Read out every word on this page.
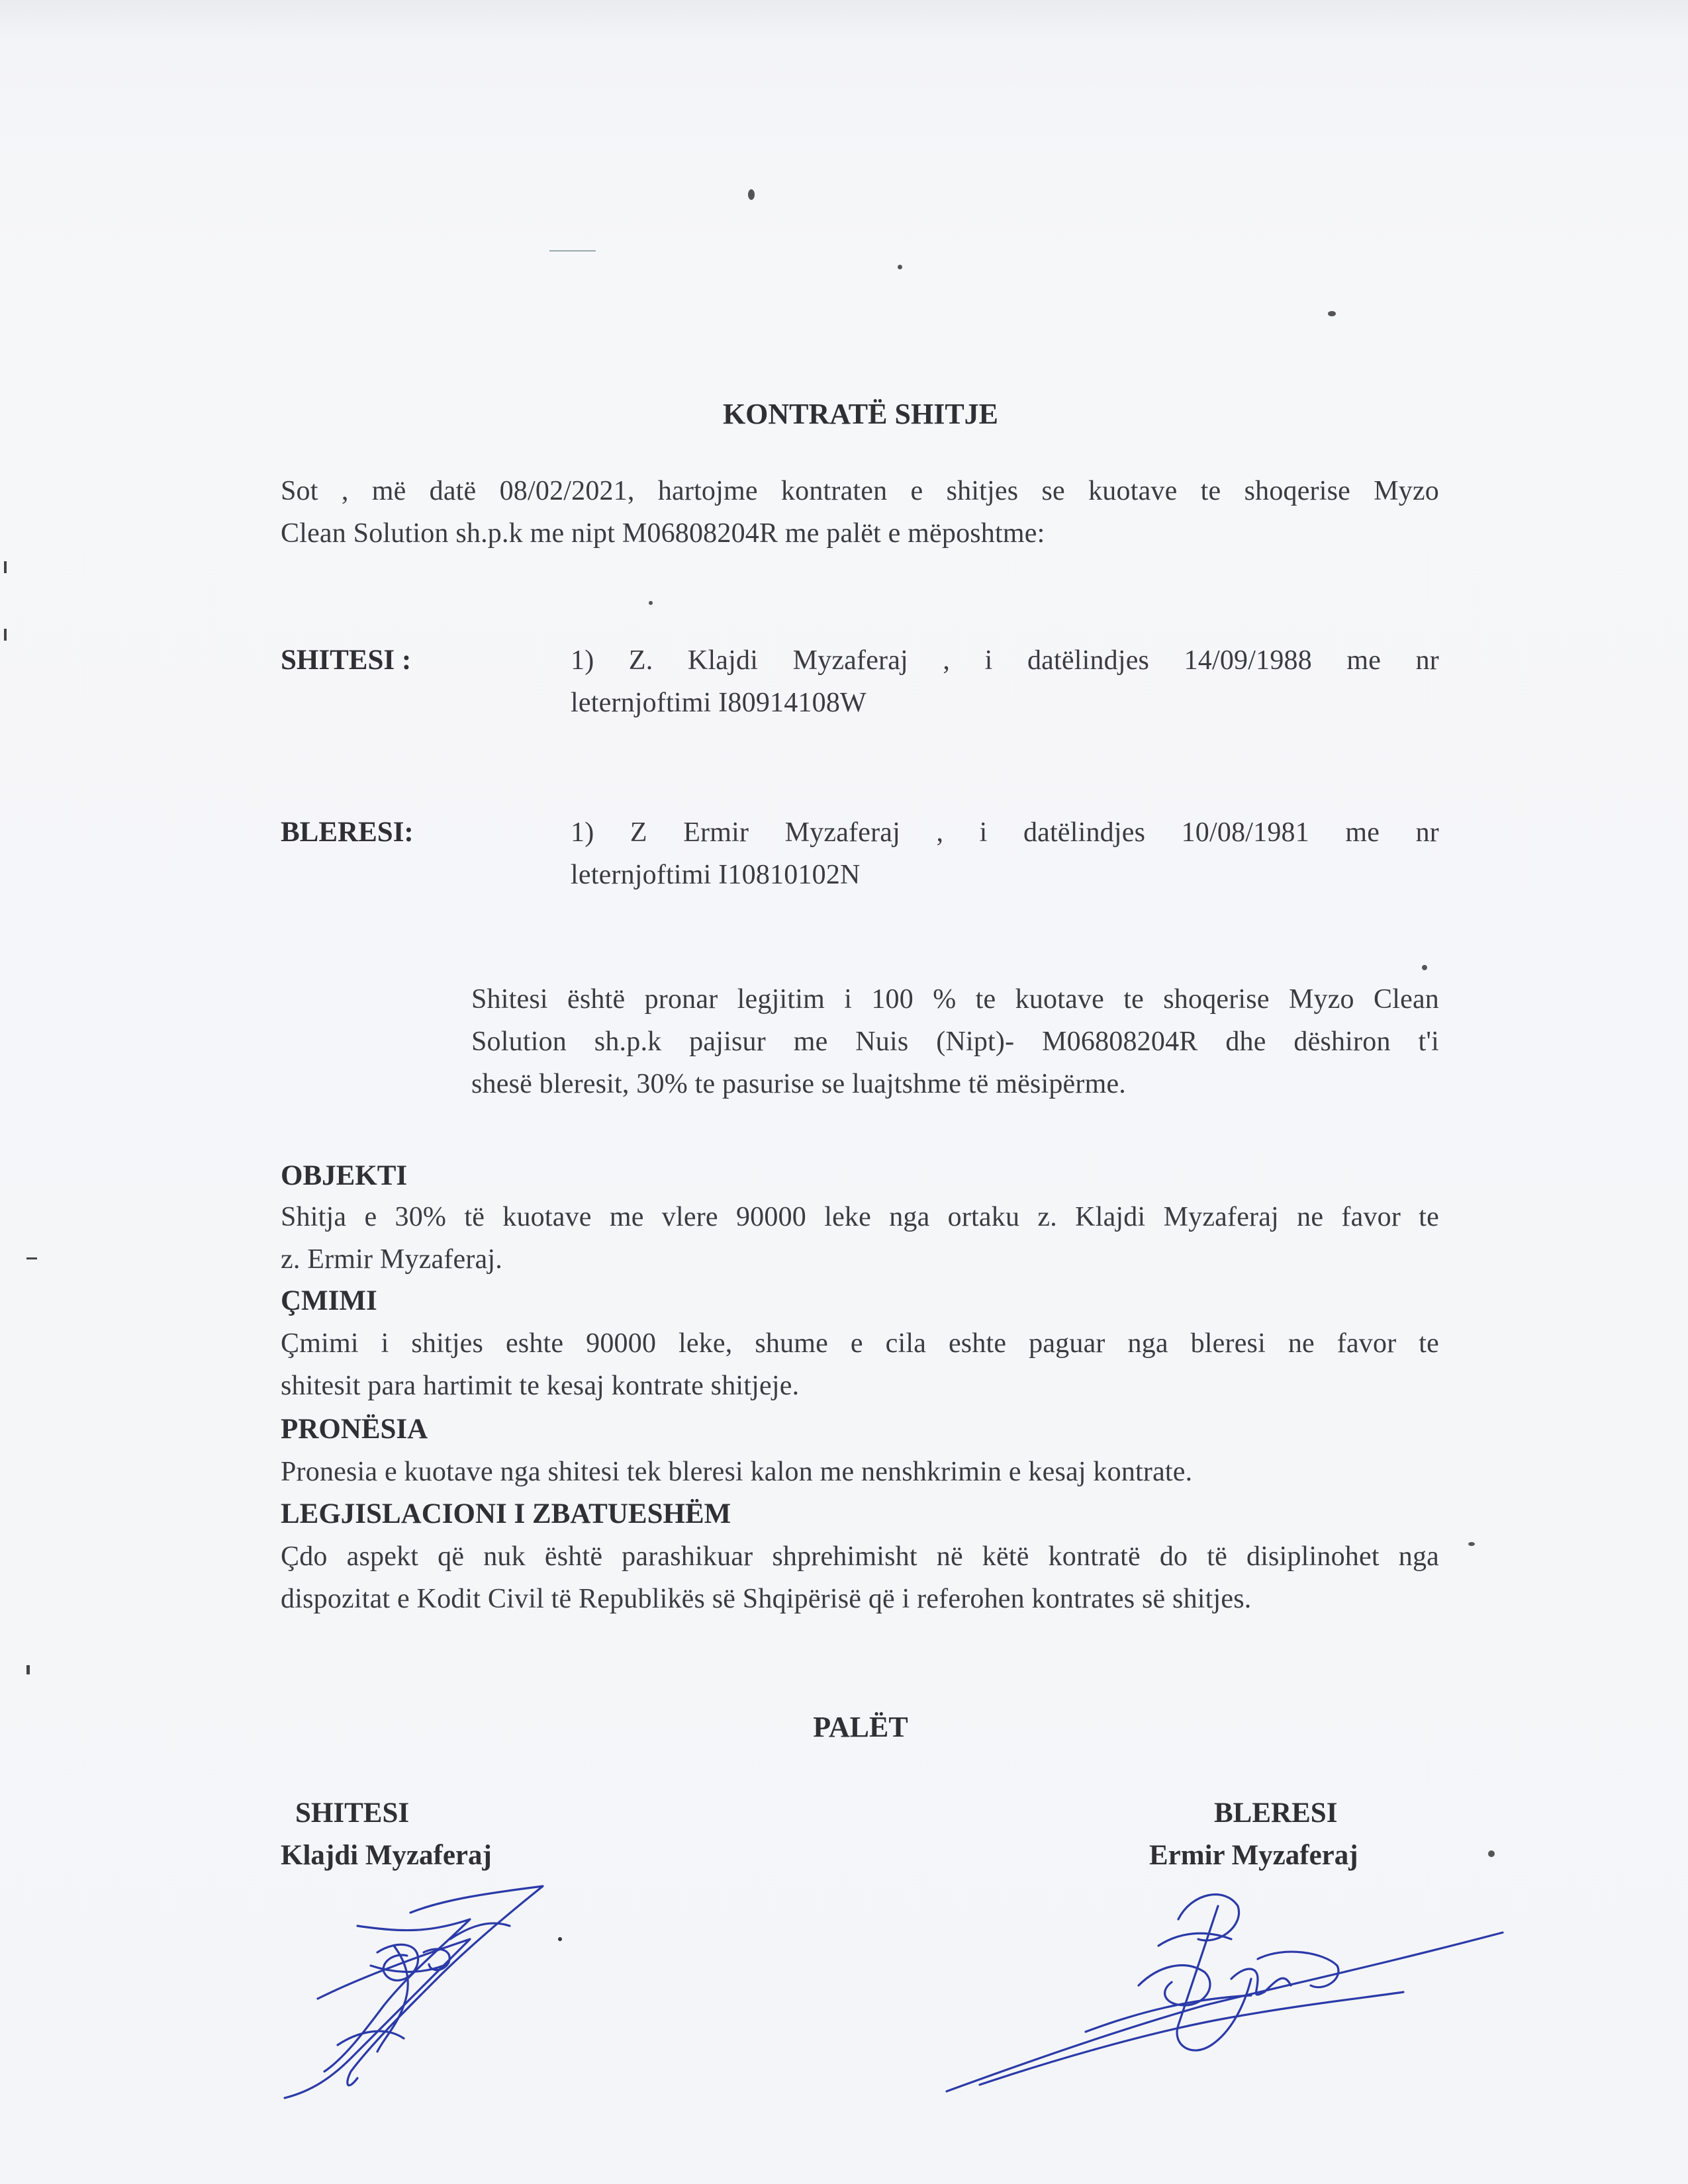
KONTRATË SHITJE
Sot , më datë 08/02/2021, hartojme kontraten e shitjes se kuotave te shoqerise Myzo
Clean Solution sh.p.k me nipt M06808204R me palët e mëposhtme:
SHITESI :	1) Z. Klajdi Myzaferaj , i datëlindjes 14/09/1988 me nr
leternjoftimi I80914108W
BLERESI:	1) Z Ermir Myzaferaj , i datëlindjes 10/08/1981 me nr
leternjoftimi I10810102N
Shitesi është pronar legjitim i 100 % te kuotave te shoqerise Myzo Clean
Solution sh.p.k pajisur me Nuis (Nipt)- M06808204R dhe dëshiron t'i
shesë bleresit, 30% te pasurise se luajtshme të mësipërme.
OBJEKTI
Shitja e 30% të kuotave me vlere 90000 leke nga ortaku z. Klajdi Myzaferaj ne favor te
z. Ermir Myzaferaj.
ÇMIMI
Çmimi i shitjes eshte 90000 leke, shume e cila eshte paguar nga bleresi ne favor te
shitesit para hartimit te kesaj kontrate shitjeje.
PRONËSIA
Pronesia e kuotave nga shitesi tek bleresi kalon me nenshkrimin e kesaj kontrate.
LEGJISLACIONI I ZBATUESHËM
Çdo aspekt që nuk është parashikuar shprehimisht në këtë kontratë do të disiplinohet nga
dispozitat e Kodit Civil të Republikës së Shqipërisë që i referohen kontrates së shitjes.
PALËT
SHITESI
Klajdi Myzaferaj
BLERESI
Ermir Myzaferaj
